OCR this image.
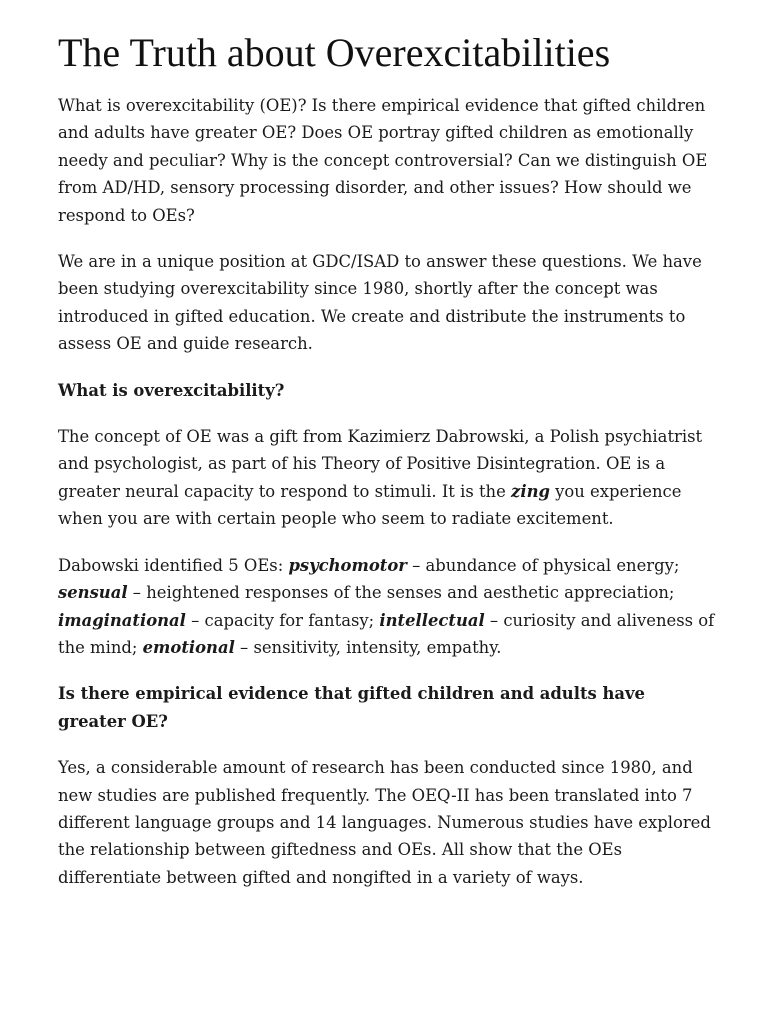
The Truth about Overexcitabilities

What is overexcitability (OE)? Is there empirical evidence that gifted children and adults have greater OE? Does OE portray gifted children as emotionally needy and peculiar? Why is the concept controversial? Can we distinguish OE from AD/HD, sensory processing disorder, and other issues? How should we respond to OEs?

We are in a unique position at GDC/ISAD to answer these questions. We have been studying overexcitability since 1980, shortly after the concept was introduced in gifted education. We create and distribute the instruments to assess OE and guide research.

What is overexcitability?

The concept of OE was a gift from Kazimierz Dabrowski, a Polish psychiatrist and psychologist, as part of his Theory of Positive Disintegration. OE is a greater neural capacity to respond to stimuli. It is the zing you experience when you are with certain people who seem to radiate excitement.

Dabowski identified 5 OEs: psychomotor – abundance of physical energy; sensual – heightened responses of the senses and aesthetic appreciation; imaginational – capacity for fantasy; intellectual – curiosity and aliveness of the mind; emotional – sensitivity, intensity, empathy.

Is there empirical evidence that gifted children and adults have greater OE?

Yes, a considerable amount of research has been conducted since 1980, and new studies are published frequently. The OEQ-II has been translated into 7 different language groups and 14 languages. Numerous studies have explored the relationship between giftedness and OEs. All show that the OEs differentiate between gifted and nongifted in a variety of ways.
